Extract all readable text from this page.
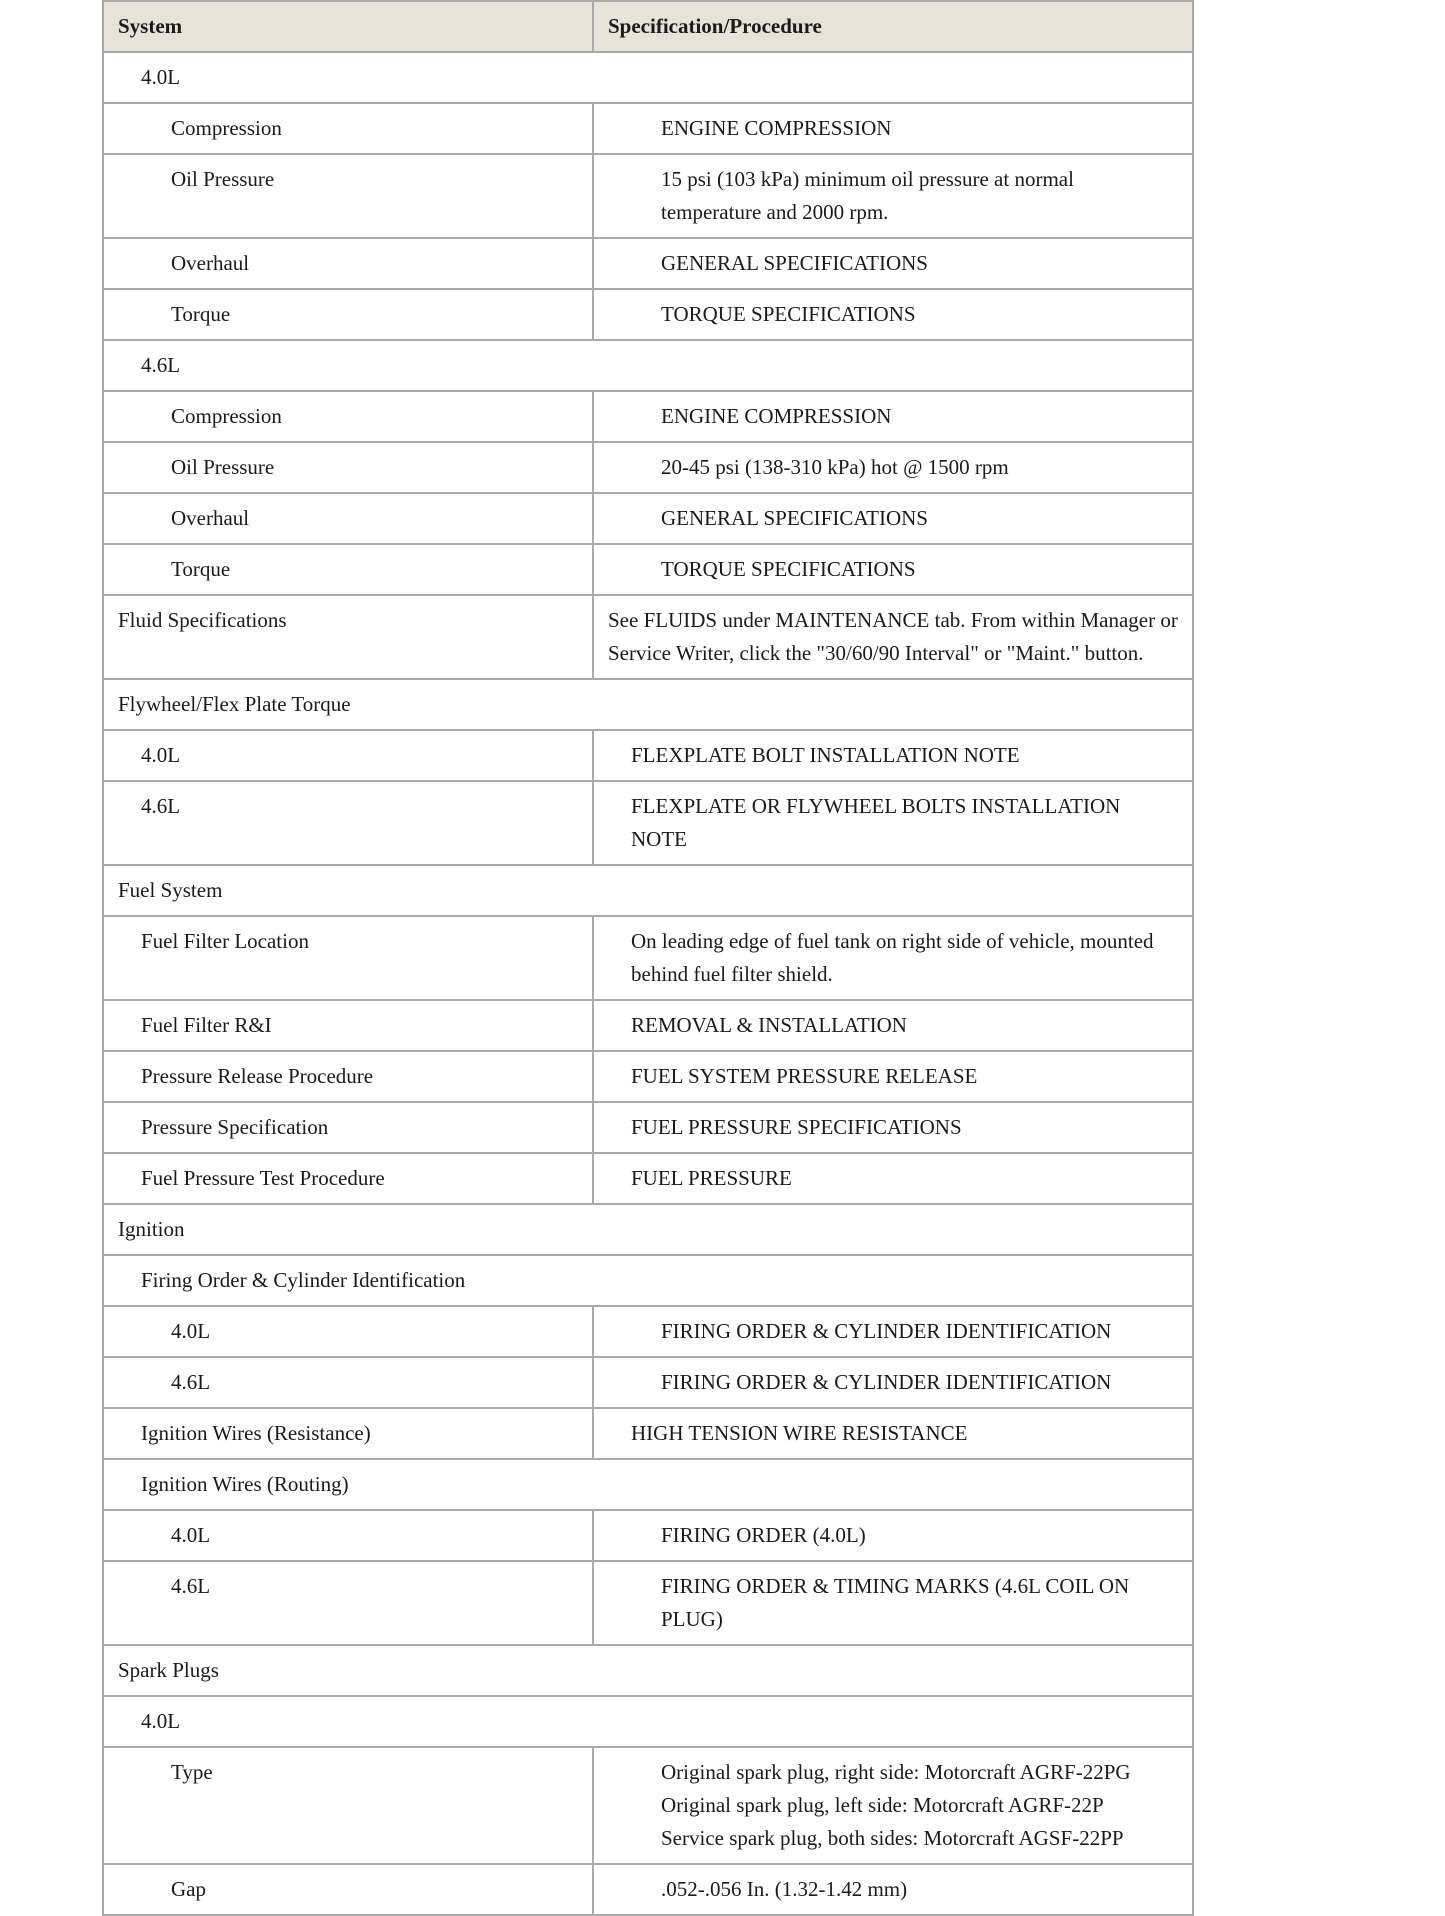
System	Specification/Procedure
4.0L	
Compression	ENGINE COMPRESSION
Oil Pressure	15 psi (103 kPa) minimum oil pressure at normal temperature and 2000 rpm.
Overhaul	GENERAL SPECIFICATIONS
Torque	TORQUE SPECIFICATIONS
4.6L	
Compression	ENGINE COMPRESSION
Oil Pressure	20-45 psi (138-310 kPa) hot @ 1500 rpm
Overhaul	GENERAL SPECIFICATIONS
Torque	TORQUE SPECIFICATIONS
Fluid Specifications	See FLUIDS under MAINTENANCE tab. From within Manager or Service Writer, click the "30/60/90 Interval" or "Maint." button.
Flywheel/Flex Plate Torque	
4.0L	FLEXPLATE BOLT INSTALLATION NOTE
4.6L	FLEXPLATE OR FLYWHEEL BOLTS INSTALLATION NOTE
Fuel System	
Fuel Filter Location	On leading edge of fuel tank on right side of vehicle, mounted behind fuel filter shield.
Fuel Filter R&I	REMOVAL & INSTALLATION
Pressure Release Procedure	FUEL SYSTEM PRESSURE RELEASE
Pressure Specification	FUEL PRESSURE SPECIFICATIONS
Fuel Pressure Test Procedure	FUEL PRESSURE
Ignition	
Firing Order & Cylinder Identification	
4.0L	FIRING ORDER & CYLINDER IDENTIFICATION
4.6L	FIRING ORDER & CYLINDER IDENTIFICATION
Ignition Wires (Resistance)	HIGH TENSION WIRE RESISTANCE
Ignition Wires (Routing)	
4.0L	FIRING ORDER (4.0L)
4.6L	FIRING ORDER & TIMING MARKS (4.6L COIL ON PLUG)
Spark Plugs	
4.0L	
Type	Original spark plug, right side: Motorcraft AGRF-22PG
Original spark plug, left side: Motorcraft AGRF-22P
Service spark plug, both sides: Motorcraft AGSF-22PP
Gap	.052-.056 In. (1.32-1.42 mm)
